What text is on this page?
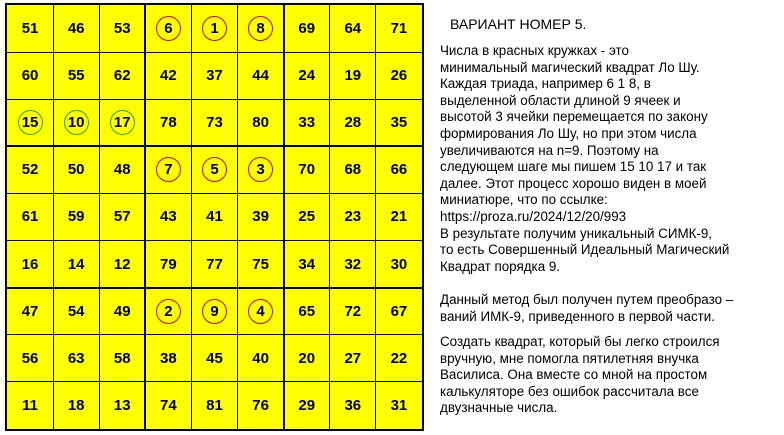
51	46	53	6	1	8	69	64	71
60	55	62	42	37	44	24	19	26
15	10	17	78	73	80	33	28	35
52	50	48	7	5	3	70	68	66
61	59	57	43	41	39	25	23	21
16	14	12	79	77	75	34	32	30
47	54	49	2	9	4	65	72	67
56	63	58	38	45	40	20	27	22
11	18	13	74	81	76	29	36	31
ВАРИАНТ НОМЕР 5.
Числа в красных кружках - это
минимальный магический квадрат Ло Шу.
Каждая триада, например 6 1 8, в
выделенной области длиной 9 ячеек и
высотой 3 ячейки перемещается по закону
формирования Ло Шу, но при этом числа
увеличиваются на n=9. Поэтому на
следующем шаге мы пишем 15 10 17 и так
далее. Этот процесс хорошо виден в моей
миниатюре, что по ссылке:
https://proza.ru/2024/12/20/993
В результате получим уникальный СИМК-9,
то есть Совершенный Идеальный Магический
Квадрат порядка 9.
Данный метод был получен путем преобразо –
ваний ИМК-9, приведенного в первой части.
Создать квадрат, который бы легко строился
вручную, мне помогла пятилетняя внучка
Василиса. Она вместе со мной на простом
калькуляторе без ошибок рассчитала все
двузначные числа.
